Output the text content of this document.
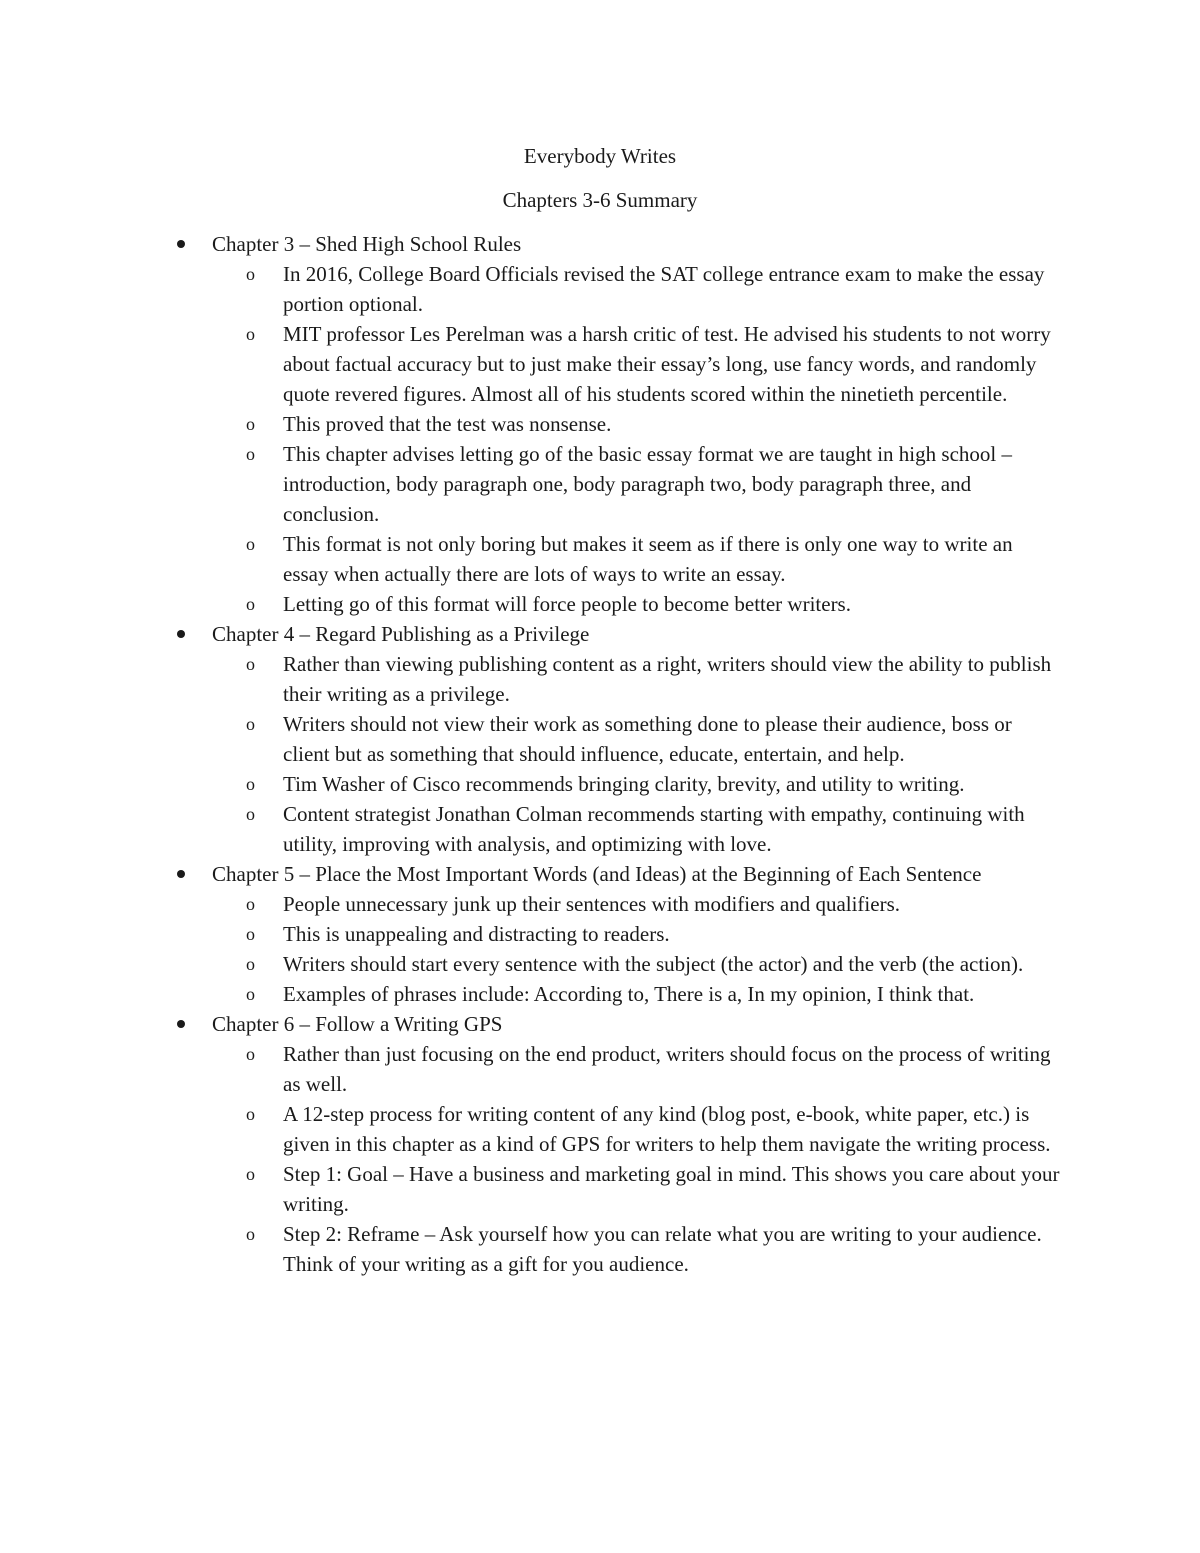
Everybody Writes
Chapters 3-6 Summary
Chapter 3 – Shed High School Rules
o In 2016, College Board Officials revised the SAT college entrance exam to make the essay portion optional.
o MIT professor Les Perelman was a harsh critic of test. He advised his students to not worry about factual accuracy but to just make their essay’s long, use fancy words, and randomly quote revered figures. Almost all of his students scored within the ninetieth percentile.
o This proved that the test was nonsense.
o This chapter advises letting go of the basic essay format we are taught in high school – introduction, body paragraph one, body paragraph two, body paragraph three, and conclusion.
o This format is not only boring but makes it seem as if there is only one way to write an essay when actually there are lots of ways to write an essay.
o Letting go of this format will force people to become better writers.
Chapter 4 – Regard Publishing as a Privilege
o Rather than viewing publishing content as a right, writers should view the ability to publish their writing as a privilege.
o Writers should not view their work as something done to please their audience, boss or client but as something that should influence, educate, entertain, and help.
o Tim Washer of Cisco recommends bringing clarity, brevity, and utility to writing.
o Content strategist Jonathan Colman recommends starting with empathy, continuing with utility, improving with analysis, and optimizing with love.
Chapter 5 – Place the Most Important Words (and Ideas) at the Beginning of Each Sentence
o People unnecessary junk up their sentences with modifiers and qualifiers.
o This is unappealing and distracting to readers.
o Writers should start every sentence with the subject (the actor) and the verb (the action).
o Examples of phrases include: According to, There is a, In my opinion, I think that.
Chapter 6 – Follow a Writing GPS
o Rather than just focusing on the end product, writers should focus on the process of writing as well.
o A 12-step process for writing content of any kind (blog post, e-book, white paper, etc.) is given in this chapter as a kind of GPS for writers to help them navigate the writing process.
o Step 1: Goal – Have a business and marketing goal in mind. This shows you care about your writing.
o Step 2: Reframe – Ask yourself how you can relate what you are writing to your audience. Think of your writing as a gift for you audience.
